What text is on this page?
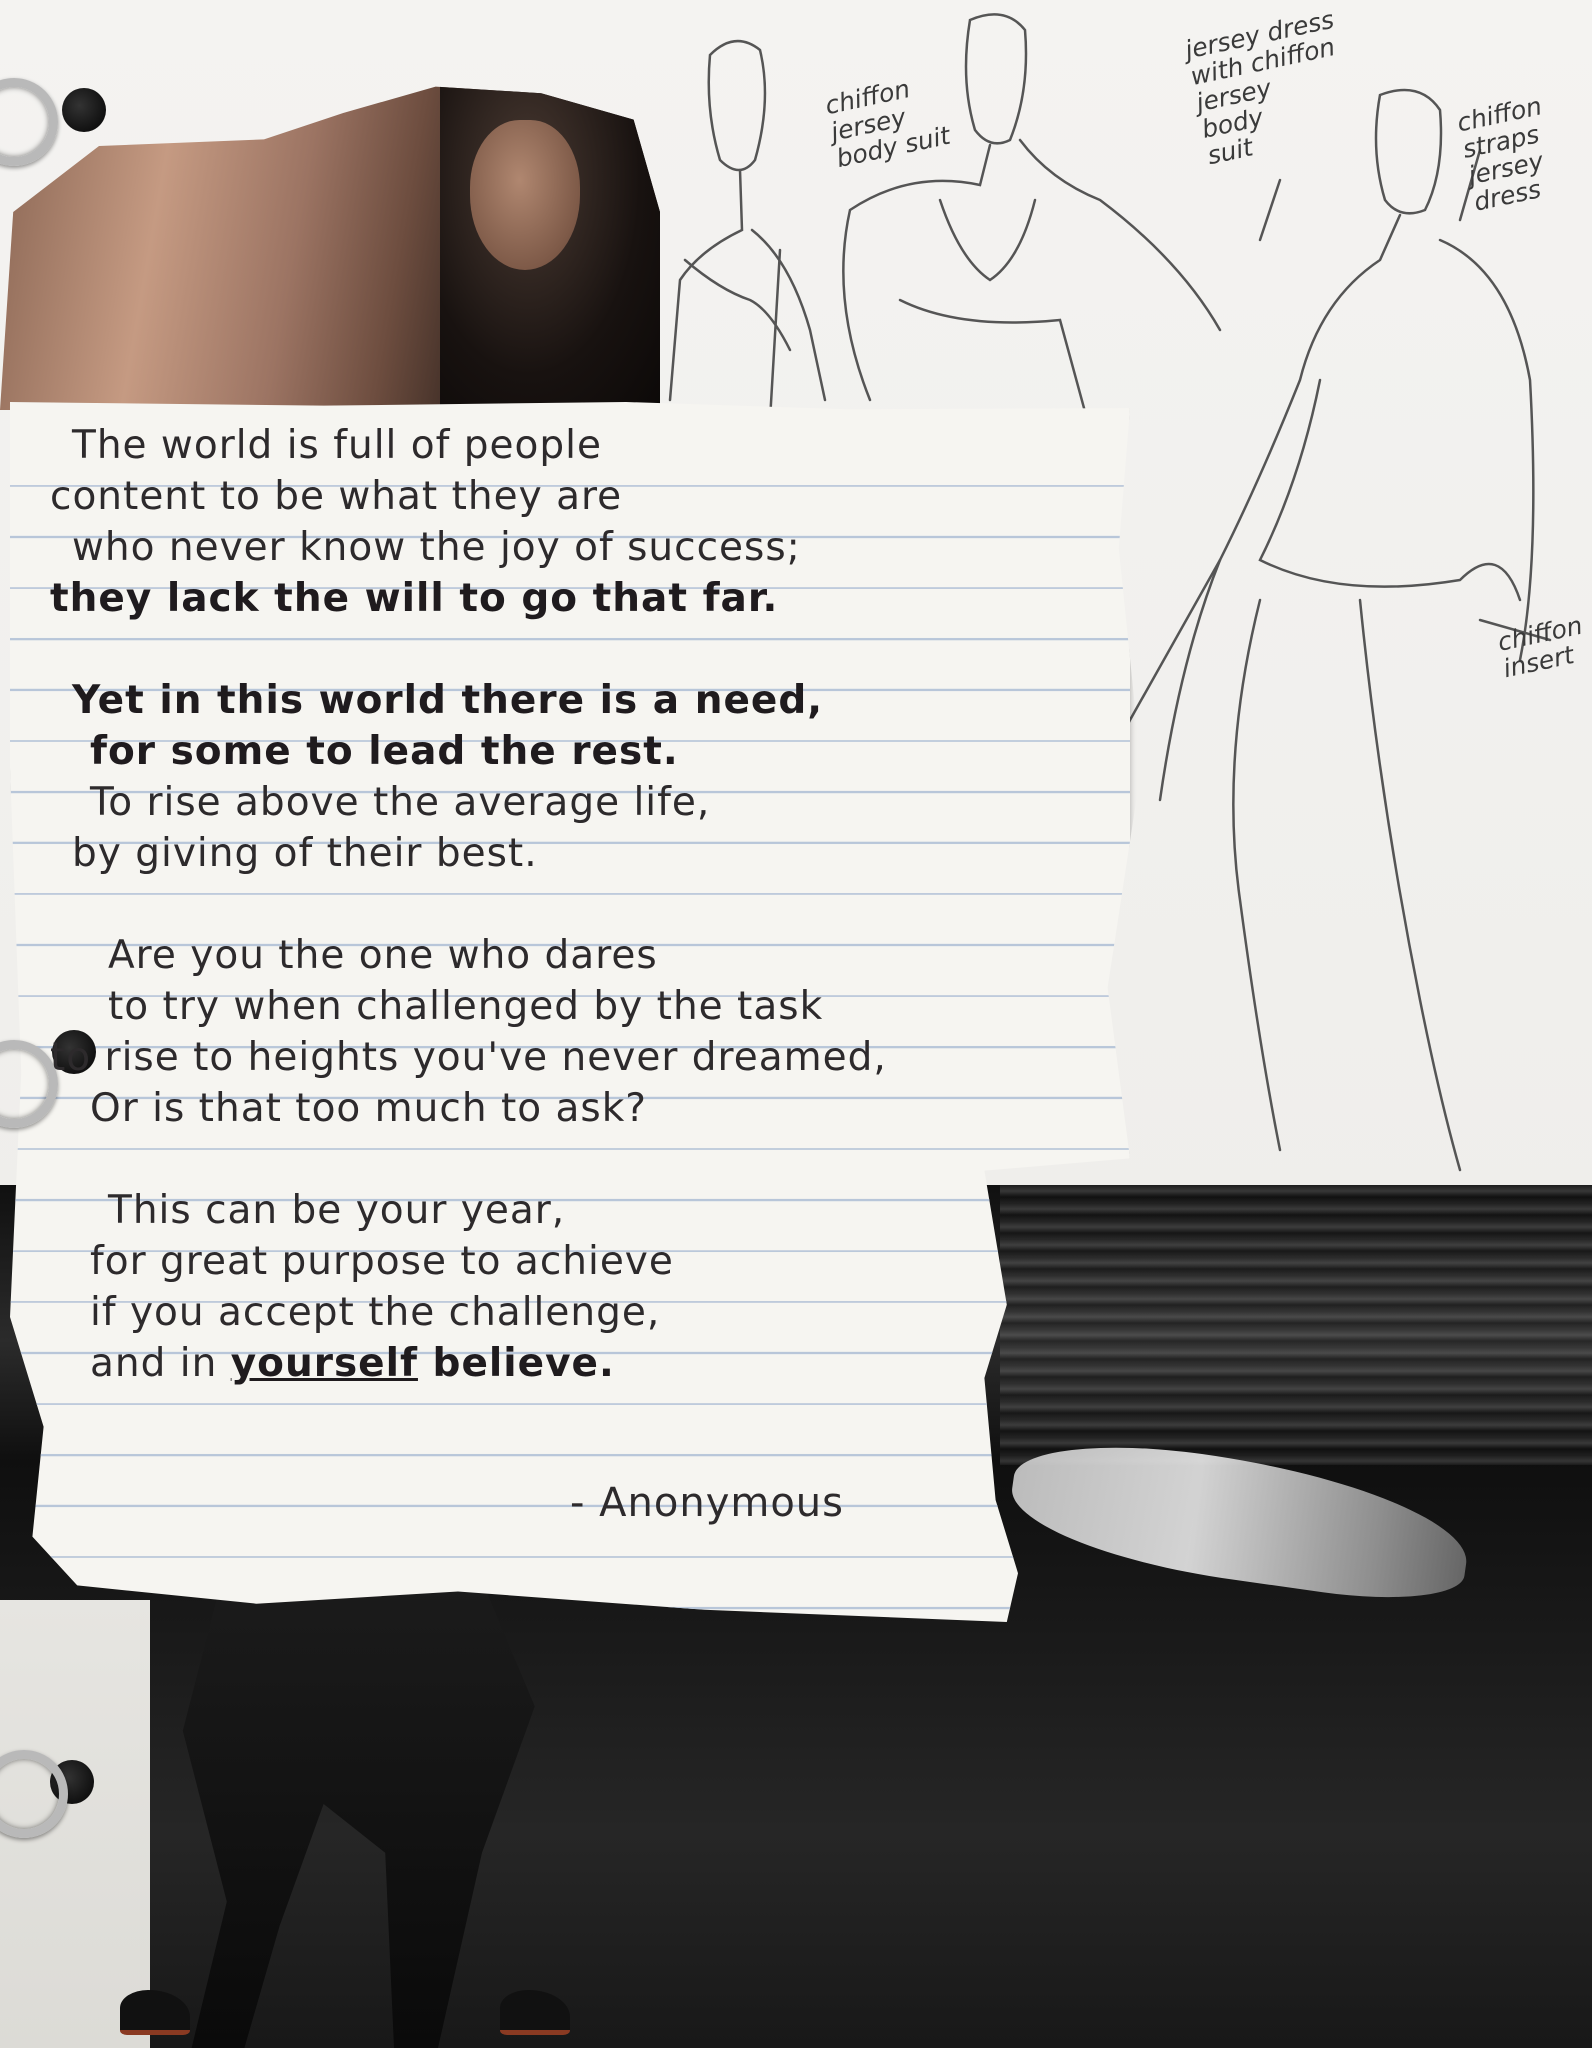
chiffon
jersey
body suit
jersey dress
with chiffon
jersey
body
suit
chiffon
straps
jersey
dress
chiffon
insert
The world is full of people
content to be what they are
who never know the joy of success;
they lack the will to go that far.
Yet in this world there is a need,
for some to lead the rest.
To rise above the average life,
by giving of their best.
Are you the one who dares
to try when challenged by the task
to rise to heights you've never dreamed,
Or is that too much to ask?
This can be your year,
for great purpose to achieve
if you accept the challenge,
and in yourself believe.
- Anonymous
